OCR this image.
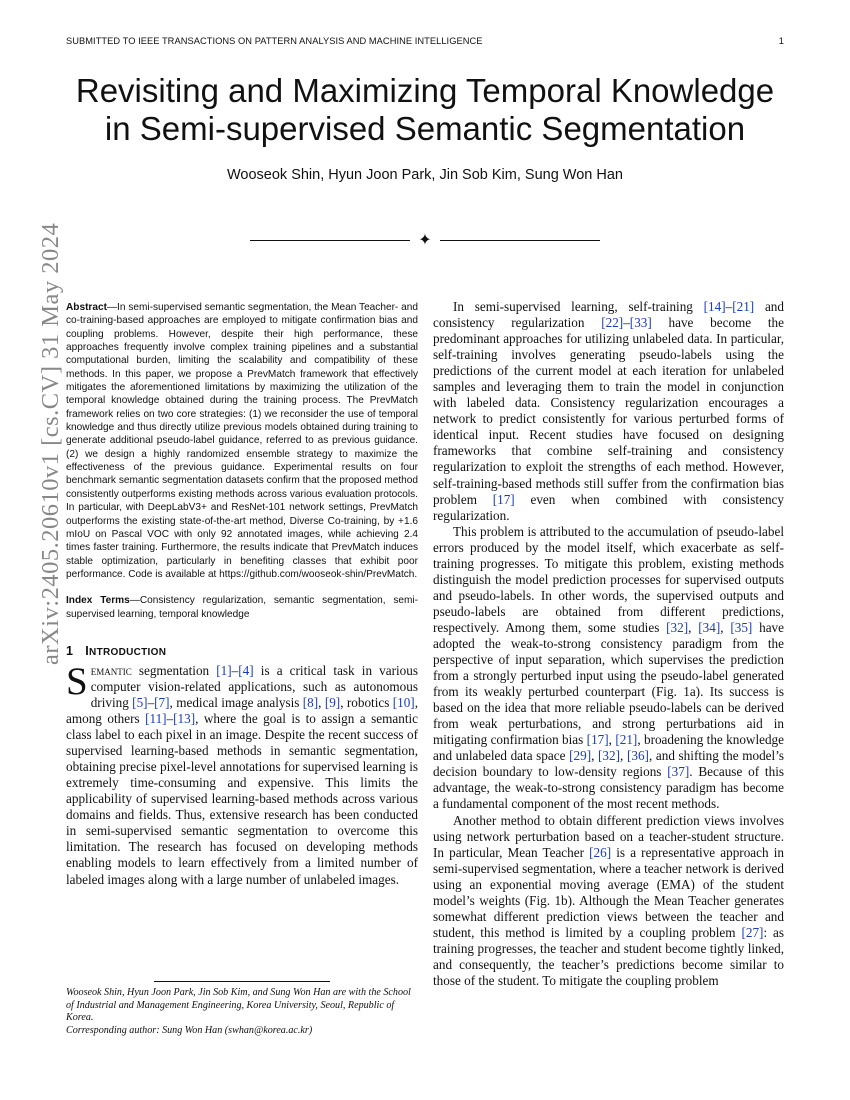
SUBMITTED TO IEEE TRANSACTIONS ON PATTERN ANALYSIS AND MACHINE INTELLIGENCE	1
Revisiting and Maximizing Temporal Knowledge
in Semi-supervised Semantic Segmentation
Wooseok Shin, Hyun Joon Park, Jin Sob Kim, Sung Won Han
✦
arXiv:2405.20610v1 [cs.CV] 31 May 2024 Abstract—In semi-supervised semantic segmentation, the Mean Teacher- and co-training-based approaches are employed to mitigate confirmation bias and coupling problems. However, despite their high performance, these approaches frequently involve complex training pipelines and a substantial computational burden, limiting the scalability and compatibility of these methods. In this paper, we propose a PrevMatch framework that effectively mitigates the aforementioned limitations by maximizing the utilization of the temporal knowledge obtained during the training process. The PrevMatch framework relies on two core strategies: (1) we reconsider the use of temporal knowledge and thus directly utilize previous models obtained during training to generate additional pseudo-label guidance, referred to as previous guidance. (2) we design a highly randomized ensemble strategy to maximize the effectiveness of the previous guidance. Experimental results on four benchmark semantic segmentation datasets confirm that the proposed method consistently outperforms existing methods across various evaluation protocols. In particular, with DeepLabV3+ and ResNet-101 network settings, PrevMatch outperforms the existing state-of-the-art method, Diverse Co-training, by +1.6 mIoU on Pascal VOC with only 92 annotated images, while achieving 2.4 times faster training. Furthermore, the results indicate that PrevMatch induces stable optimization, particularly in benefiting classes that exhibit poor performance. Code is available at https://github.com/wooseok-shin/PrevMatch.
Index Terms—Consistency regularization, semantic segmentation, semi-supervised learning, temporal knowledge
1 INTRODUCTION
Semantic segmentation [1]–[4] is a critical task in various computer vision-related applications, such as autonomous driving [5]–[7], medical image analysis [8], [9], robotics [10], among others [11]–[13], where the goal is to assign a semantic class label to each pixel in an image. Despite the recent success of supervised learning-based methods in semantic segmentation, obtaining precise pixel-level annotations for supervised learning is extremely time-consuming and expensive. This limits the applicability of supervised learning-based methods across various domains and fields. Thus, extensive research has been conducted in semi-supervised semantic segmentation to overcome this limitation. The research has focused on developing methods enabling models to learn effectively from a limited number of labeled images along with a large number of unlabeled images.
Wooseok Shin, Hyun Joon Park, Jin Sob Kim, and Sung Won Han are with the School of Industrial and Management Engineering, Korea University, Seoul, Republic of Korea.
Corresponding author: Sung Won Han (swhan@korea.ac.kr)

In semi-supervised learning, self-training [14]–[21] and consistency regularization [22]–[33] have become the predominant approaches for utilizing unlabeled data. In particular, self-training involves generating pseudo-labels using the predictions of the current model at each iteration for unlabeled samples and leveraging them to train the model in conjunction with labeled data. Consistency regularization encourages a network to predict consistently for various perturbed forms of identical input. Recent studies have focused on designing frameworks that combine self-training and consistency regularization to exploit the strengths of each method. However, self-training-based methods still suffer from the confirmation bias problem [17] even when combined with consistency regularization.

This problem is attributed to the accumulation of pseudo-label errors produced by the model itself, which exacerbate as self-training progresses. To mitigate this problem, existing methods distinguish the model prediction processes for supervised outputs and pseudo-labels. In other words, the supervised outputs and pseudo-labels are obtained from different predictions, respectively. Among them, some studies [32], [34], [35] have adopted the weak-to-strong consistency paradigm from the perspective of input separation, which supervises the prediction from a strongly perturbed input using the pseudo-label generated from its weakly perturbed counterpart (Fig. 1a). Its success is based on the idea that more reliable pseudo-labels can be derived from weak perturbations, and strong perturbations aid in mitigating confirmation bias [17], [21], broadening the knowledge and unlabeled data space [29], [32], [36], and shifting the model’s decision boundary to low-density regions [37]. Because of this advantage, the weak-to-strong consistency paradigm has become a fundamental component of the most recent methods.

Another method to obtain different prediction views involves using network perturbation based on a teacher-student structure. In particular, Mean Teacher [26] is a representative approach in semi-supervised segmentation, where a teacher network is derived using an exponential moving average (EMA) of the student model’s weights (Fig. 1b). Although the Mean Teacher generates somewhat different prediction views between the teacher and student, this method is limited by a coupling problem [27]: as training progresses, the teacher and student become tightly linked, and consequently, the teacher’s predictions become similar to those of the student. To mitigate the coupling problem
